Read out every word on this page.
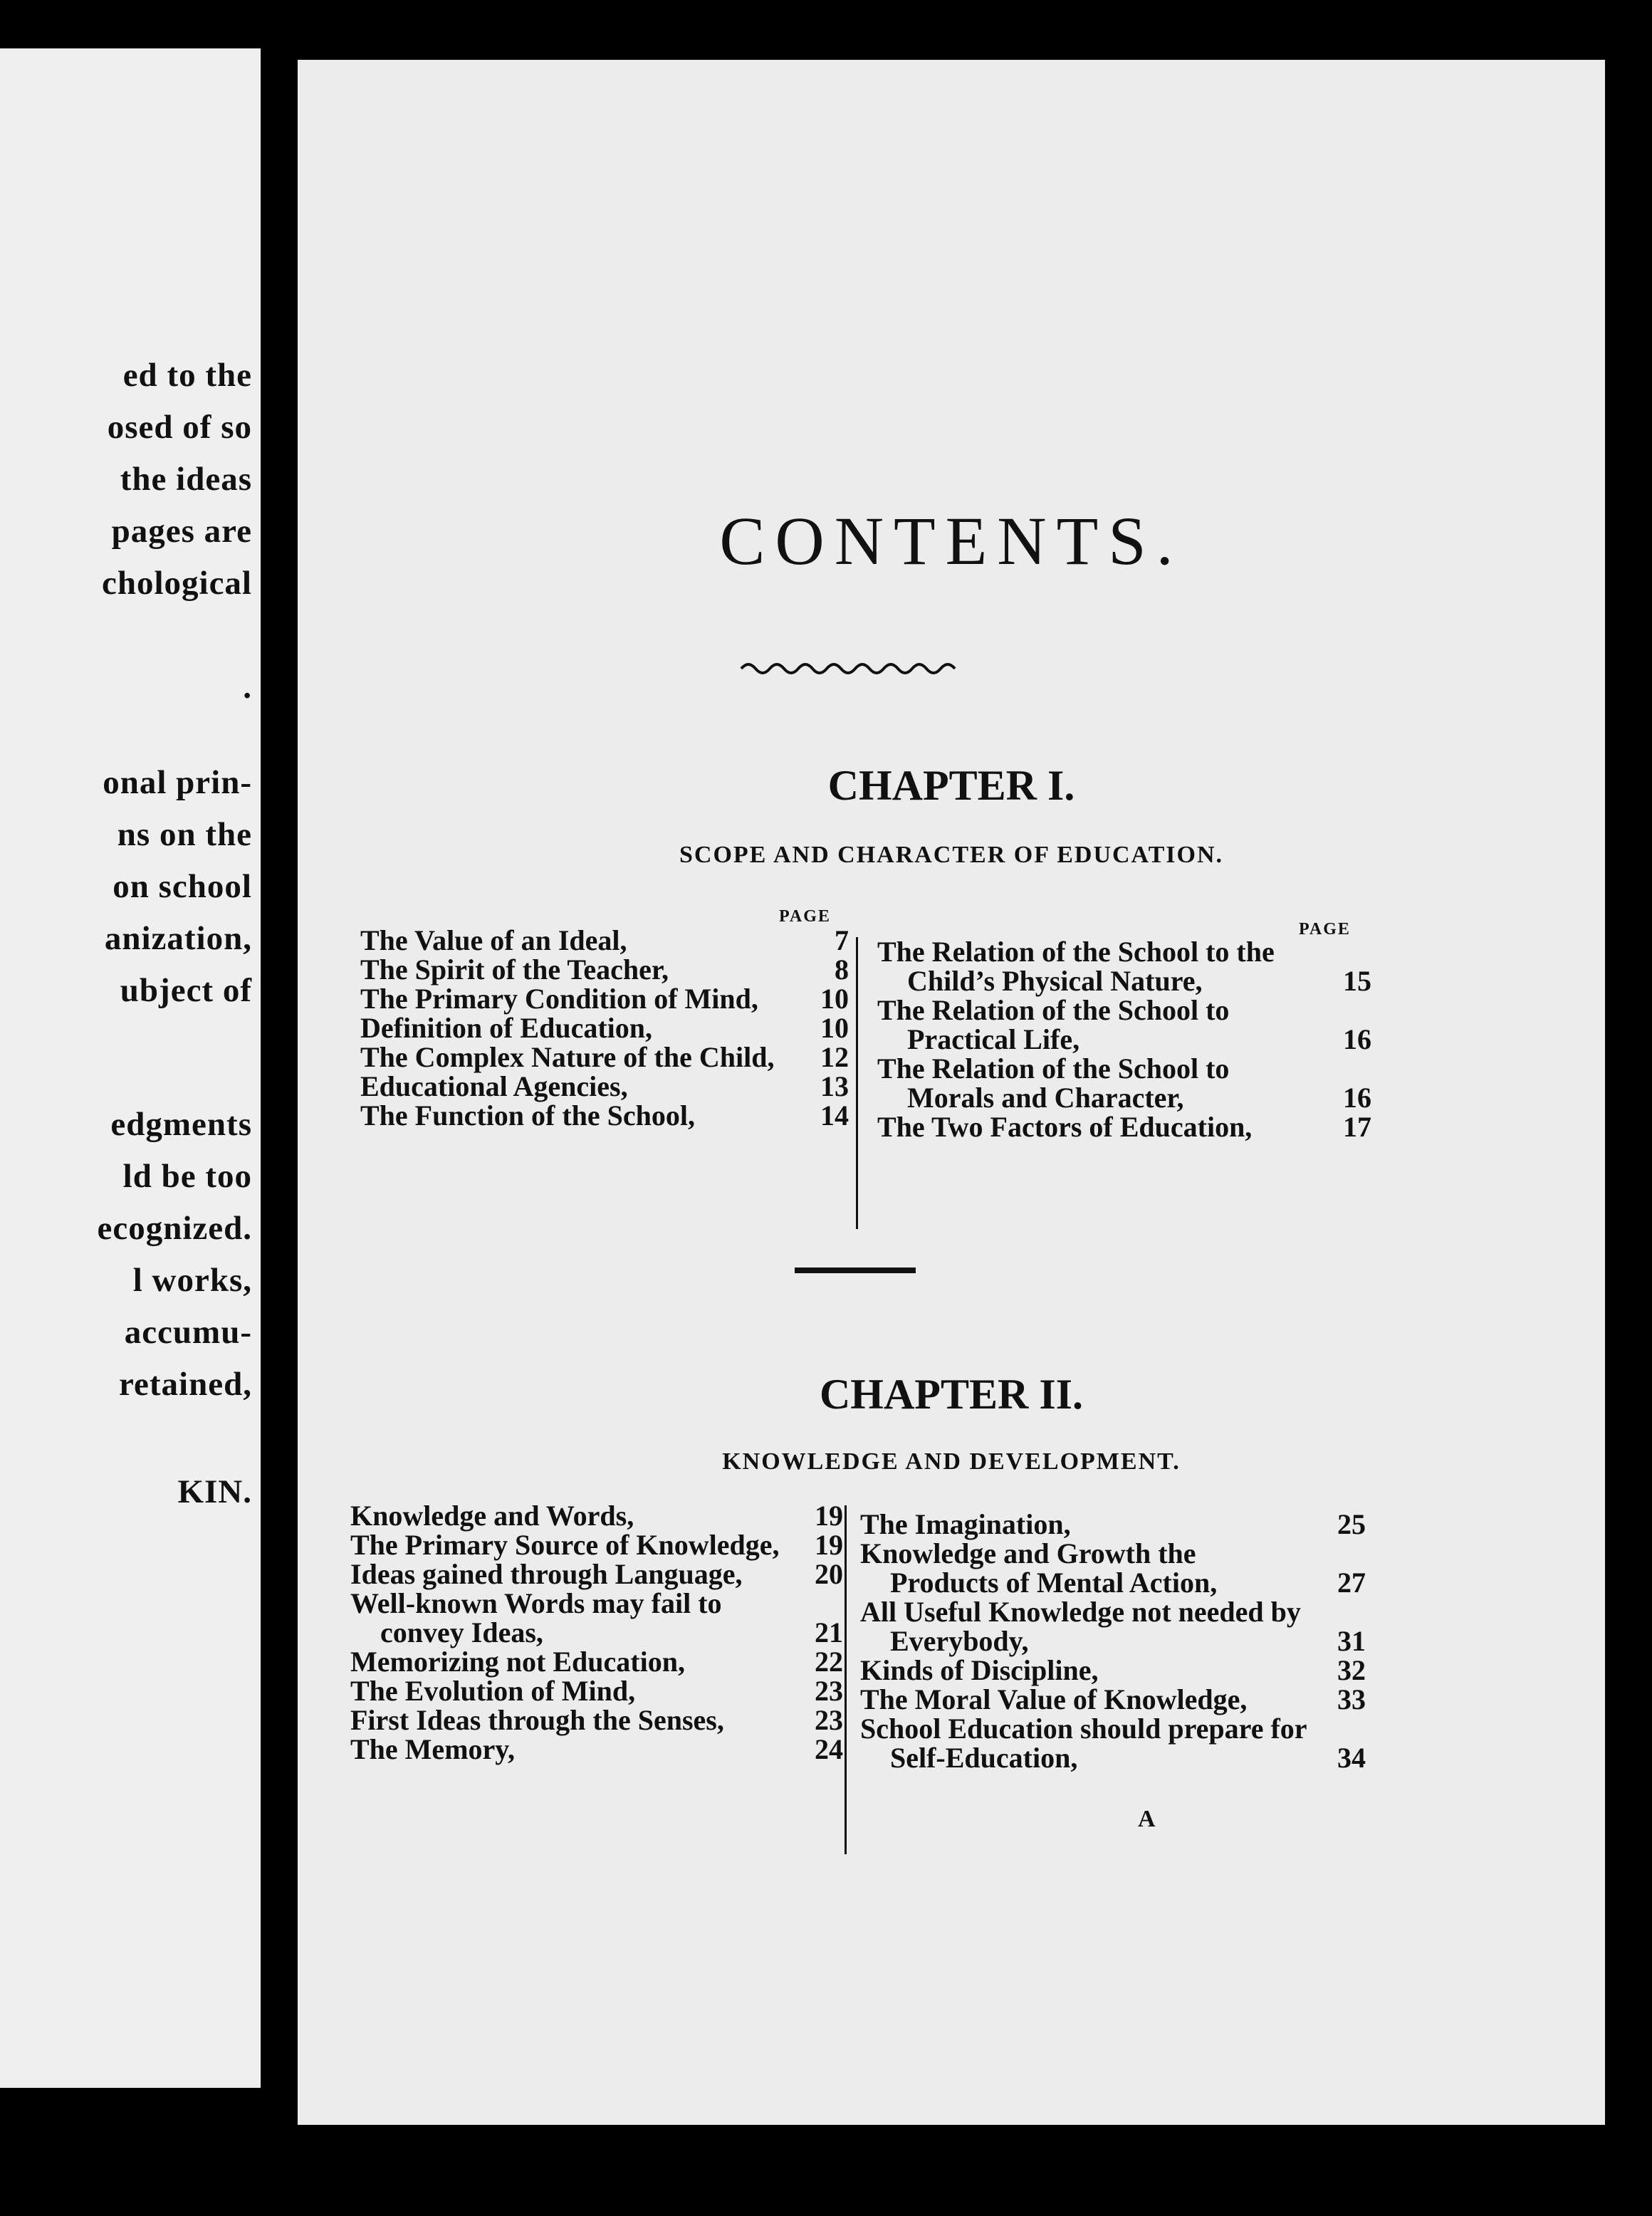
ed to the
osed of so
the ideas
pages are
chological
.
onal prin-
ns on the
on school
anization,
ubject of
edgments
ld be too
ecognized.
l works,
accumu-
retained,
KIN.
CONTENTS.
CHAPTER I.
SCOPE AND CHARACTER OF EDUCATION.
PAGE
PAGE
The Value of an Ideal,	7
The Spirit of the Teacher,	8
The Primary Condition of Mind,	10
Definition of Education,	10
The Complex Nature of the Child,	12
Educational Agencies,	13
The Function of the School,	14
The Relation of the School to the Child’s Physical Nature,	15
The Relation of the School to Practical Life,	16
The Relation of the School to Morals and Character,	16
The Two Factors of Education,	17
CHAPTER II.
KNOWLEDGE AND DEVELOPMENT.
Knowledge and Words,	19
The Primary Source of Knowledge,	19
Ideas gained through Language,	20
Well-known Words may fail to convey Ideas,	21
Memorizing not Education,	22
The Evolution of Mind,	23
First Ideas through the Senses,	23
The Memory,	24
The Imagination,	25
Knowledge and Growth the Products of Mental Action,	27
All Useful Knowledge not needed by Everybody,	31
Kinds of Discipline,	32
The Moral Value of Knowledge,	33
School Education should prepare for Self-Education,	34
A
